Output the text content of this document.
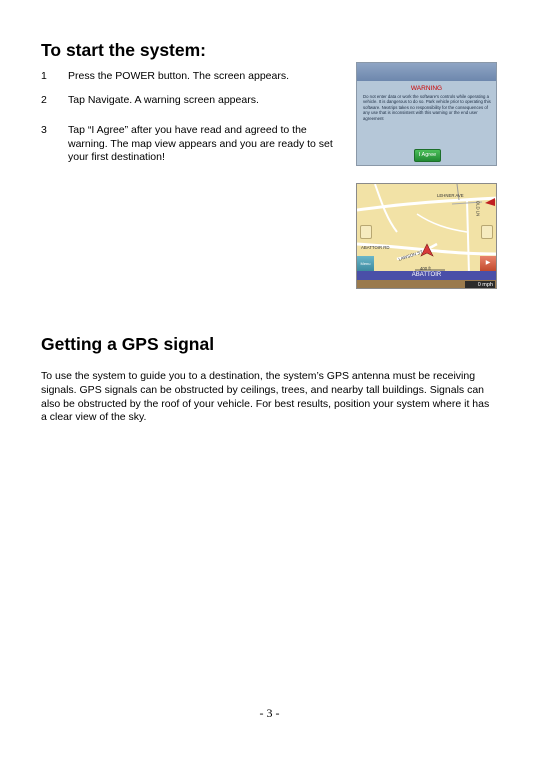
To start the system:
1 Press the POWER button. The screen appears.
2 Tap Navigate. A warning screen appears.
3 Tap “I Agree” after you have read and agreed to the warning. The map view appears and you are ready to set your first destination!
WARNING
Do not enter data or work the software's controls while operating a vehicle. It is dangerous to do so. Park vehicle prior to operating this software. Nextrips takes no responsibility for the consequences of any use that is inconsistent with this warning or the end user agreement
I Agree
LEHNER AVE
ABATTOIR RD
LAWSON ST
OLD LN
400 ft
Menu	▶
ABATTOIR
0 mph
Getting a GPS signal

To use the system to guide you to a destination, the system’s GPS antenna must be receiving signals. GPS signals can be obstructed by ceilings, trees, and nearby tall buildings. Signals can also be obstructed by the roof of your vehicle. For best results, position your system where it has a clear view of the sky.

- 3 -
